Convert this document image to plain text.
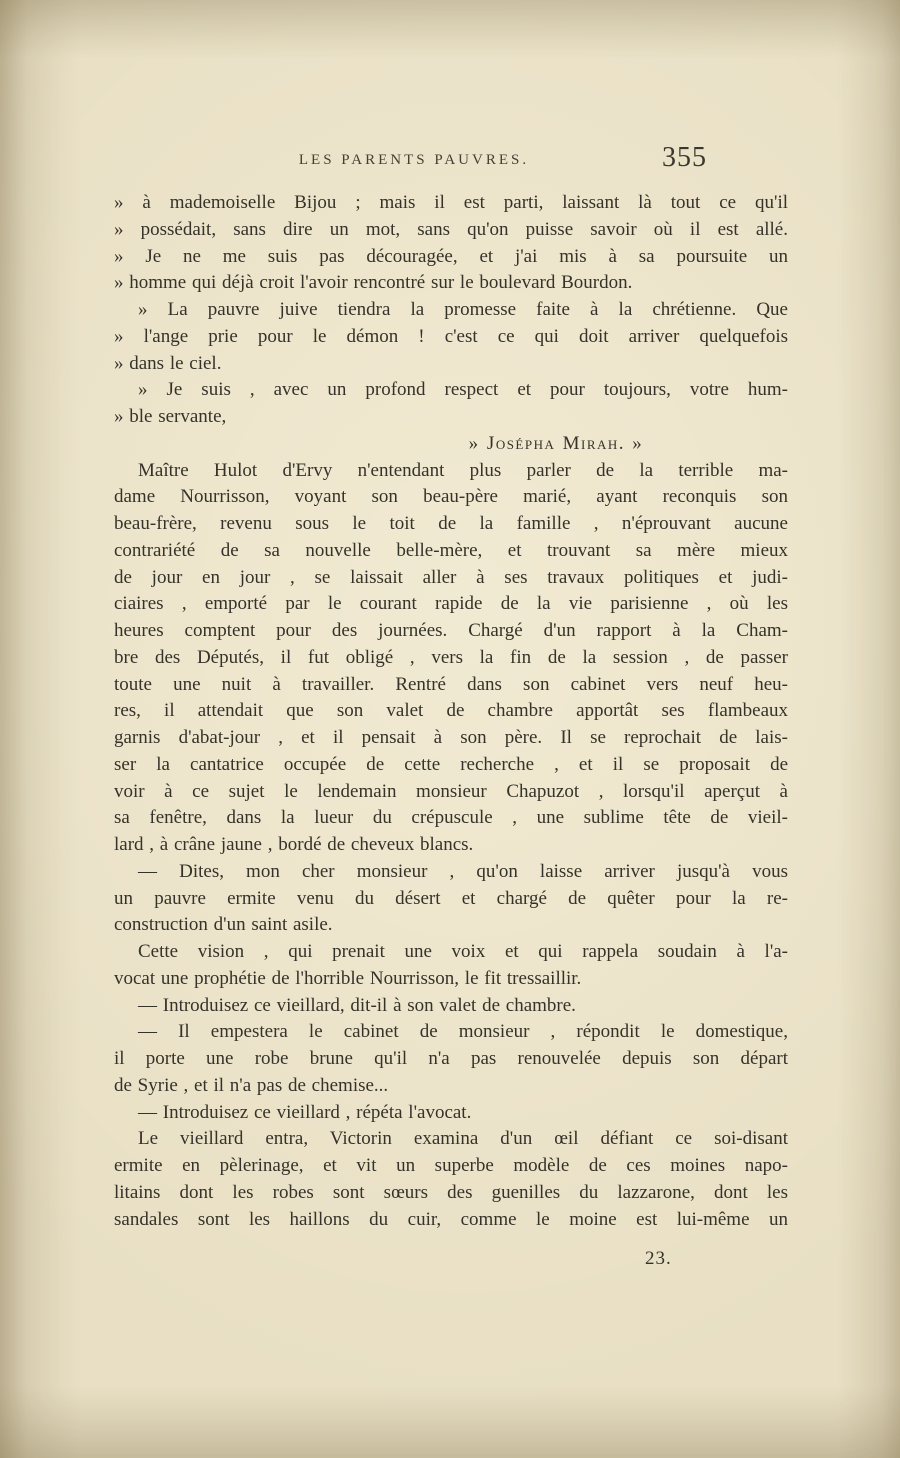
LES PARENTS PAUVRES.	355
» à mademoiselle Bijou ; mais il est parti, laissant là tout ce qu'il
» possédait, sans dire un mot, sans qu'on puisse savoir où il est allé.
» Je ne me suis pas découragée, et j'ai mis à sa poursuite un
» homme qui déjà croit l'avoir rencontré sur le boulevard Bourdon.
» La pauvre juive tiendra la promesse faite à la chrétienne. Que
» l'ange prie pour le démon ! c'est ce qui doit arriver quelquefois
» dans le ciel.
» Je suis , avec un profond respect et pour toujours, votre hum-
» ble servante,
» Josépha Mirah. »
Maître Hulot d'Ervy n'entendant plus parler de la terrible ma-
dame Nourrisson, voyant son beau-père marié, ayant reconquis son
beau-frère, revenu sous le toit de la famille , n'éprouvant aucune
contrariété de sa nouvelle belle-mère, et trouvant sa mère mieux
de jour en jour , se laissait aller à ses travaux politiques et judi-
ciaires , emporté par le courant rapide de la vie parisienne , où les
heures comptent pour des journées. Chargé d'un rapport à la Cham-
bre des Députés, il fut obligé , vers la fin de la session , de passer
toute une nuit à travailler. Rentré dans son cabinet vers neuf heu-
res, il attendait que son valet de chambre apportât ses flambeaux
garnis d'abat-jour , et il pensait à son père. Il se reprochait de lais-
ser la cantatrice occupée de cette recherche , et il se proposait de
voir à ce sujet le lendemain monsieur Chapuzot , lorsqu'il aperçut à
sa fenêtre, dans la lueur du crépuscule , une sublime tête de vieil-
lard , à crâne jaune , bordé de cheveux blancs.
— Dites, mon cher monsieur , qu'on laisse arriver jusqu'à vous
un pauvre ermite venu du désert et chargé de quêter pour la re-
construction d'un saint asile.
Cette vision , qui prenait une voix et qui rappela soudain à l'a-
vocat une prophétie de l'horrible Nourrisson, le fit tressaillir.
— Introduisez ce vieillard, dit-il à son valet de chambre.
— Il empestera le cabinet de monsieur , répondit le domestique,
il porte une robe brune qu'il n'a pas renouvelée depuis son départ
de Syrie , et il n'a pas de chemise...
— Introduisez ce vieillard , répéta l'avocat.
Le vieillard entra, Victorin examina d'un œil défiant ce soi-disant
ermite en pèlerinage, et vit un superbe modèle de ces moines napo-
litains dont les robes sont sœurs des guenilles du lazzarone, dont les
sandales sont les haillons du cuir, comme le moine est lui-même un
23.
